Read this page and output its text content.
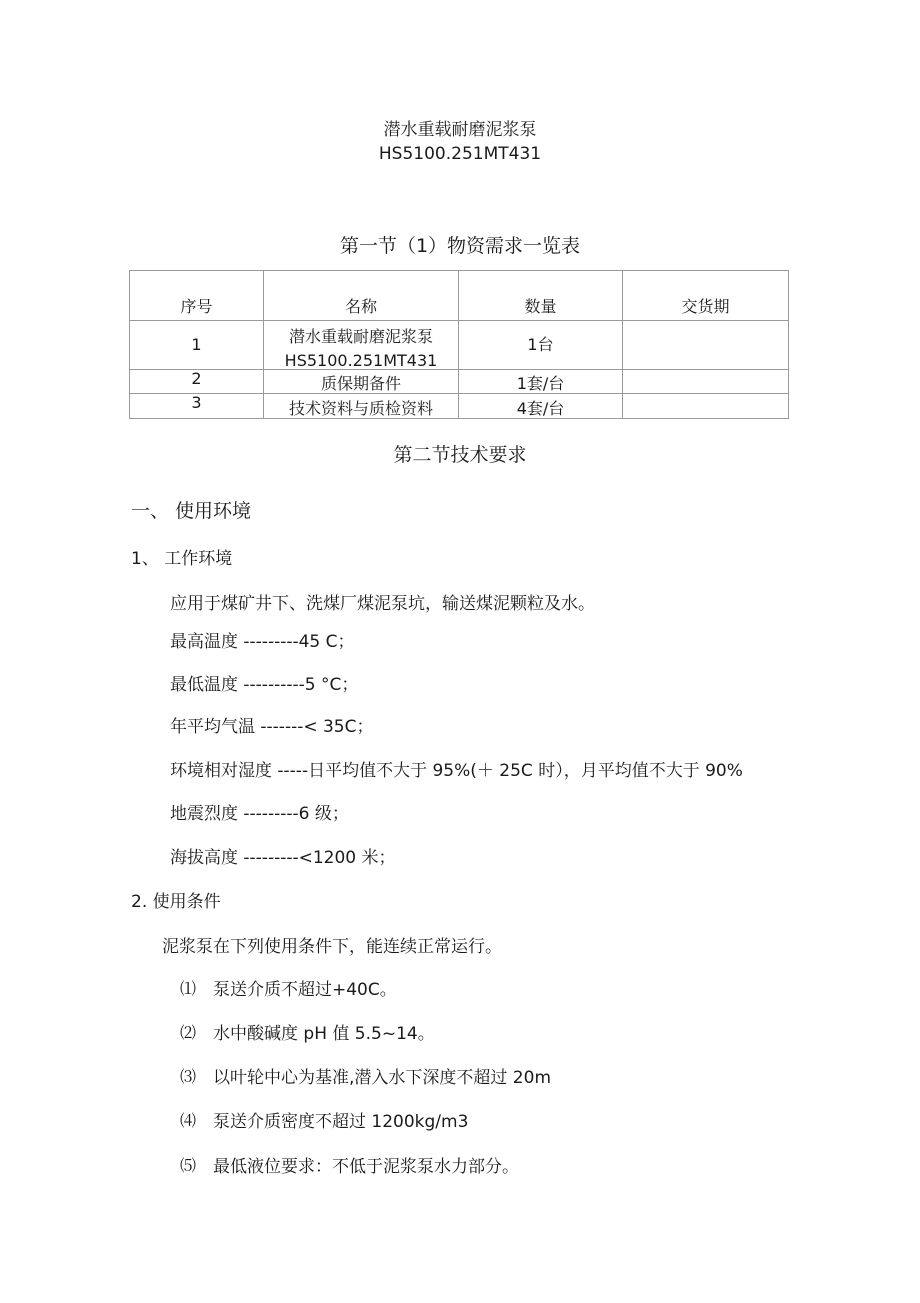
潜水重载耐磨泥浆泵
HS5100.251MT431
第一节（1）物资需求一览表
序号	名称	数量	交货期
1	潜水重载耐磨泥浆泵
HS5100.251MT431	1台	
2	质保期备件	1套/台	
3	技术资料与质检资料	4套/台	
第二节技术要求
一、 使用环境
1、 工作环境
应用于煤矿井下、洗煤厂煤泥泵坑，输送煤泥颗粒及水。
最高温度 ---------45 C；
最低温度 ----------5 °C；
年平均气温 -------< 35C；
环境相对湿度 -----日平均值不大于 95%(＋ 25C 时），月平均值不大于 90%
地震烈度 ---------6 级；
海拔高度 ---------<1200 米；
2. 使用条件
泥浆泵在下列使用条件下，能连续正常运行。
⑴ 泵送介质不超过+40C。
⑵ 水中酸碱度 pH 值 5.5~14。
⑶ 以叶轮中心为基准,潜入水下深度不超过 20m
⑷ 泵送介质密度不超过 1200kg/m3
⑸ 最低液位要求：不低于泥浆泵水力部分。
